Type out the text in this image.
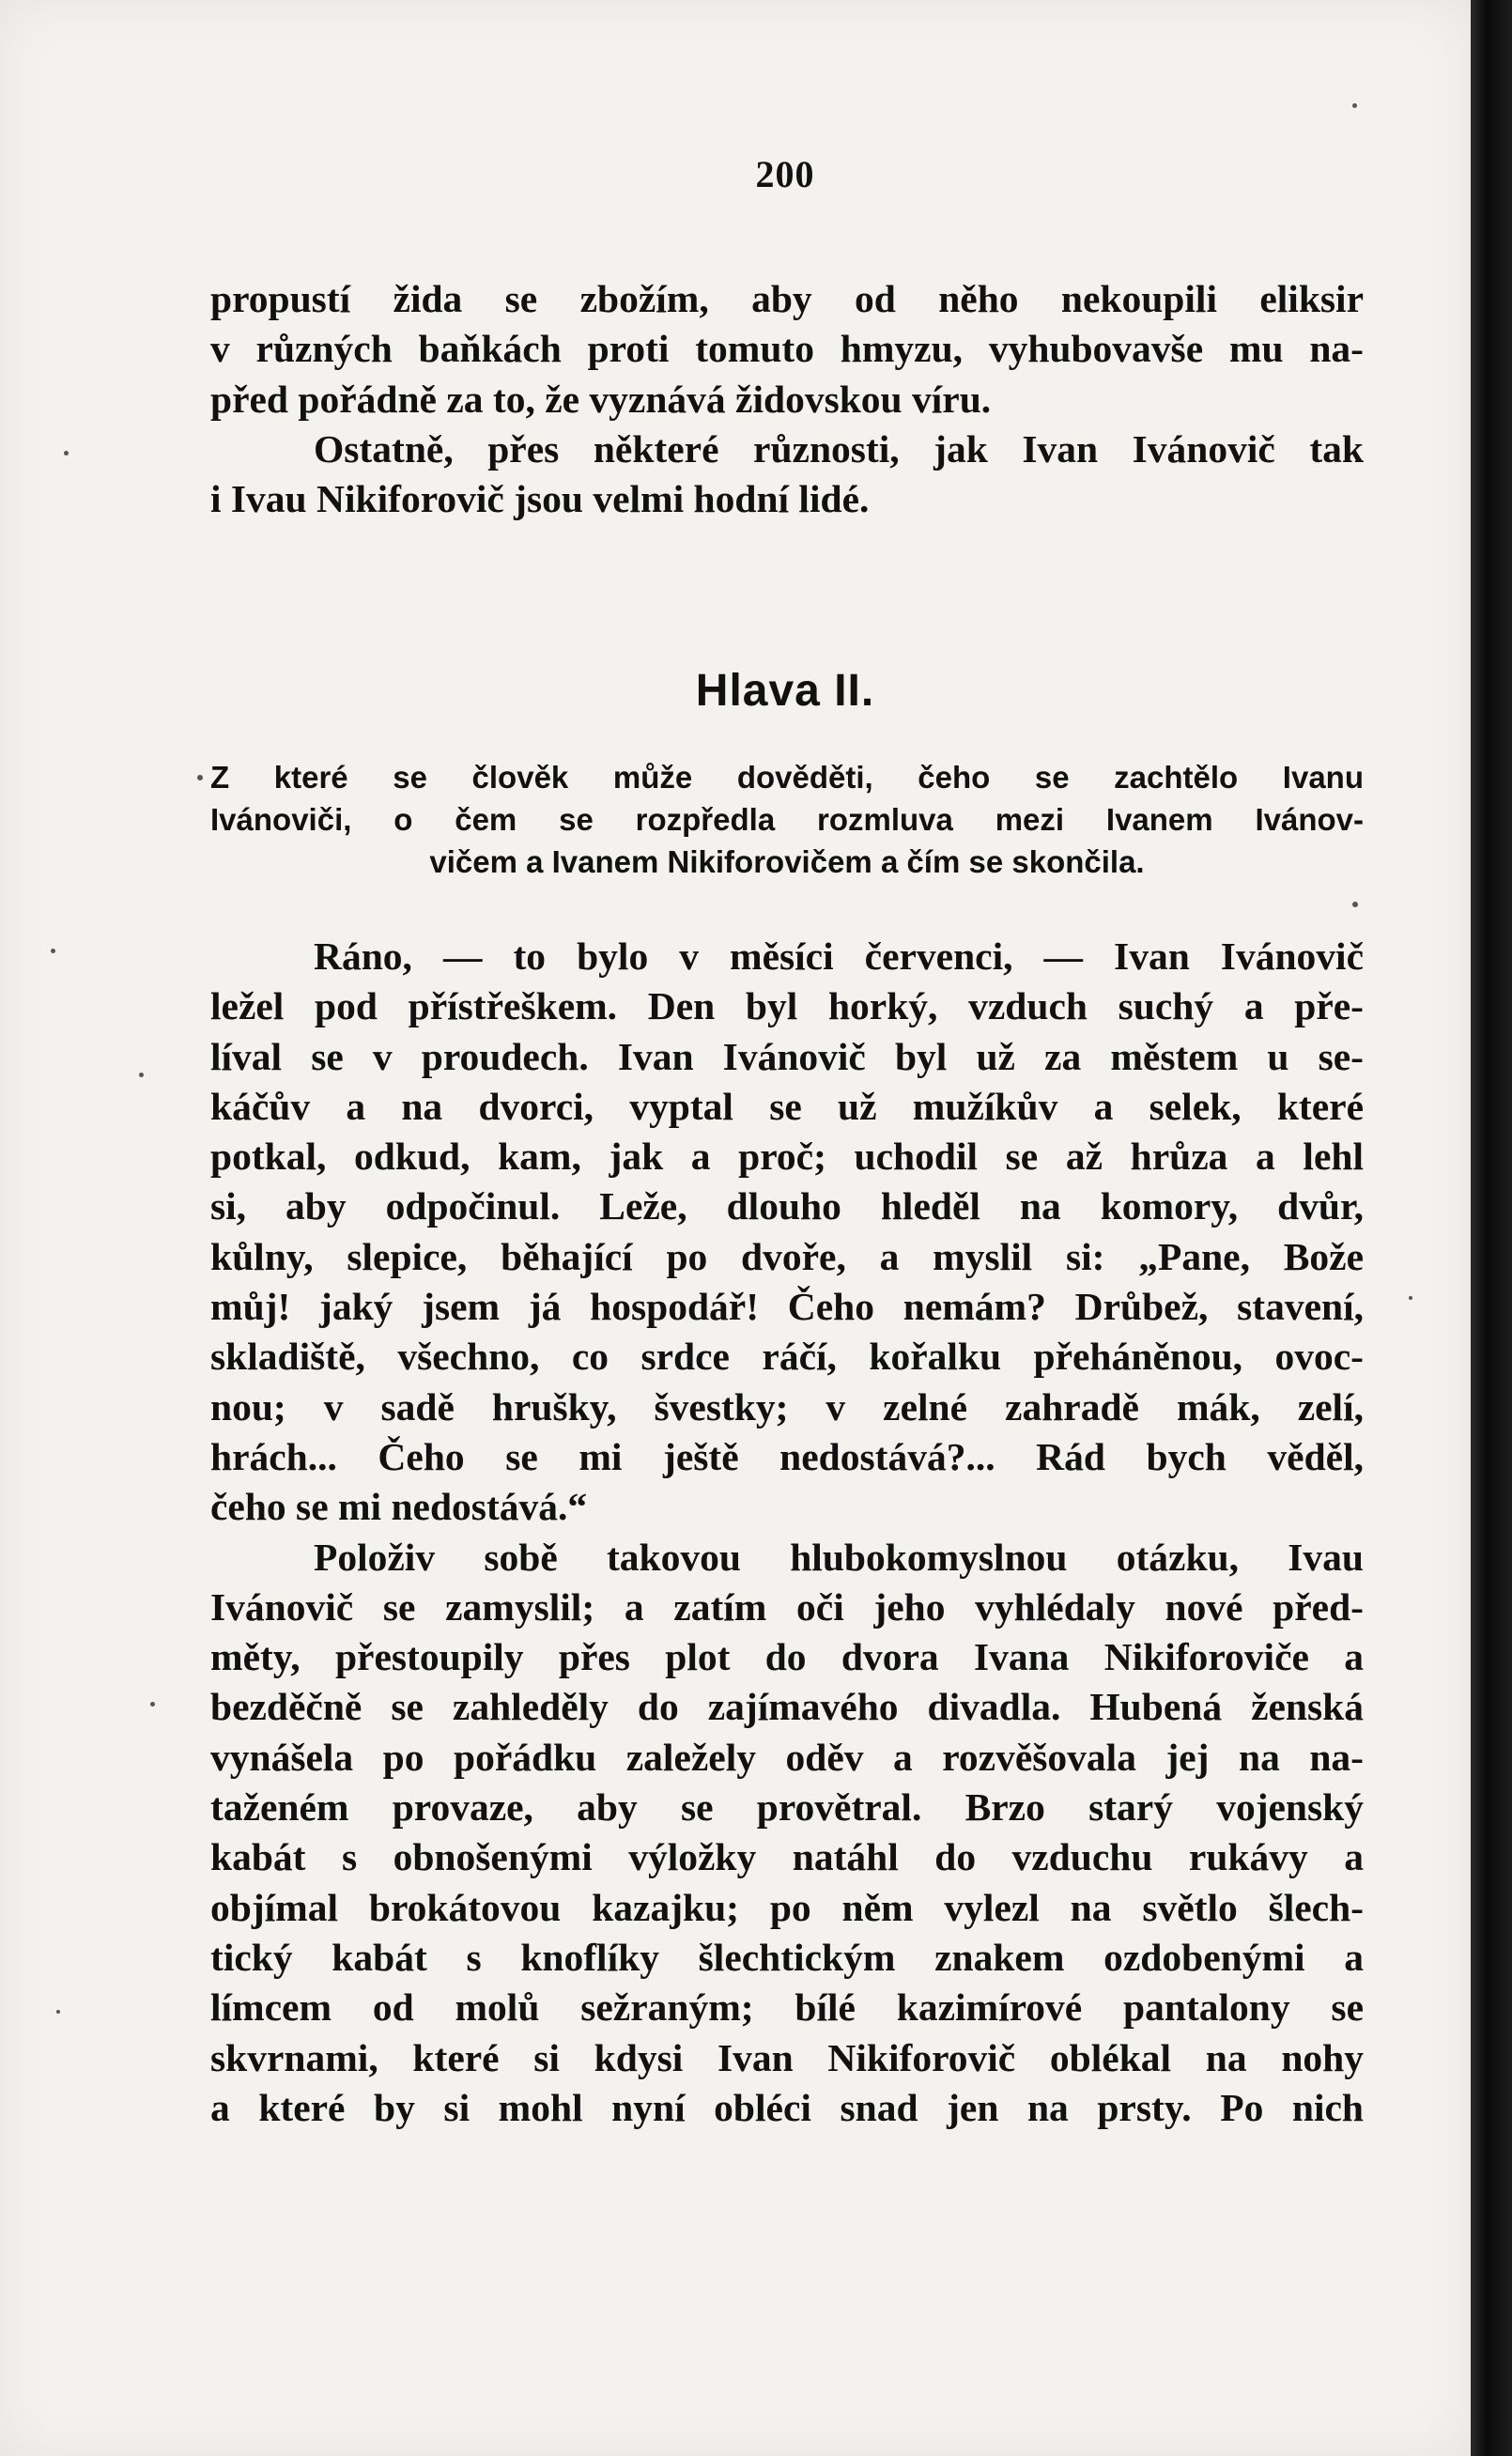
200
propustí žida se zbožím, aby od něho nekoupili eliksir
v různých baňkách proti tomuto hmyzu, vyhubovavše mu na-
před pořádně za to, že vyznává židovskou víru.
Ostatně, přes některé různosti, jak Ivan Ivánovič tak
i Ivau Nikiforovič jsou velmi hodní lidé.
Hlava II.
Z které se člověk může dověděti, čeho se zachtělo Ivanu
Ivánoviči, o čem se rozpředla rozmluva mezi Ivanem Ivánov-
vičem a Ivanem Nikiforovičem a čím se skončila.
Ráno, — to bylo v měsíci červenci, — Ivan Ivánovič
ležel pod přístřeškem. Den byl horký, vzduch suchý a pře-
líval se v proudech. Ivan Ivánovič byl už za městem u se-
káčův a na dvorci, vyptal se už mužíkův a selek, které
potkal, odkud, kam, jak a proč; uchodil se až hrůza a lehl
si, aby odpočinul. Leže, dlouho hleděl na komory, dvůr,
kůlny, slepice, běhající po dvoře, a myslil si: „Pane, Bože
můj! jaký jsem já hospodář! Čeho nemám? Drůbež, stavení,
skladiště, všechno, co srdce ráčí, kořalku přeháněnou, ovoc-
nou; v sadě hrušky, švestky; v zelné zahradě mák, zelí,
hrách... Čeho se mi ještě nedostává?... Rád bych věděl,
čeho se mi nedostává.“
Položiv sobě takovou hlubokomyslnou otázku, Ivau
Ivánovič se zamyslil; a zatím oči jeho vyhlédaly nové před-
měty, přestoupily přes plot do dvora Ivana Nikiforoviče a
bezděčně se zahleděly do zajímavého divadla. Hubená ženská
vynášela po pořádku zaležely oděv a rozvěšovala jej na na-
taženém provaze, aby se provětral. Brzo starý vojenský
kabát s obnošenými výložky natáhl do vzduchu rukávy a
objímal brokátovou kazajku; po něm vylezl na světlo šlech-
tický kabát s knoflíky šlechtickým znakem ozdobenými a
límcem od molů sežraným; bílé kazimírové pantalony se
skvrnami, které si kdysi Ivan Nikiforovič oblékal na nohy
a které by si mohl nyní obléci snad jen na prsty. Po nich
